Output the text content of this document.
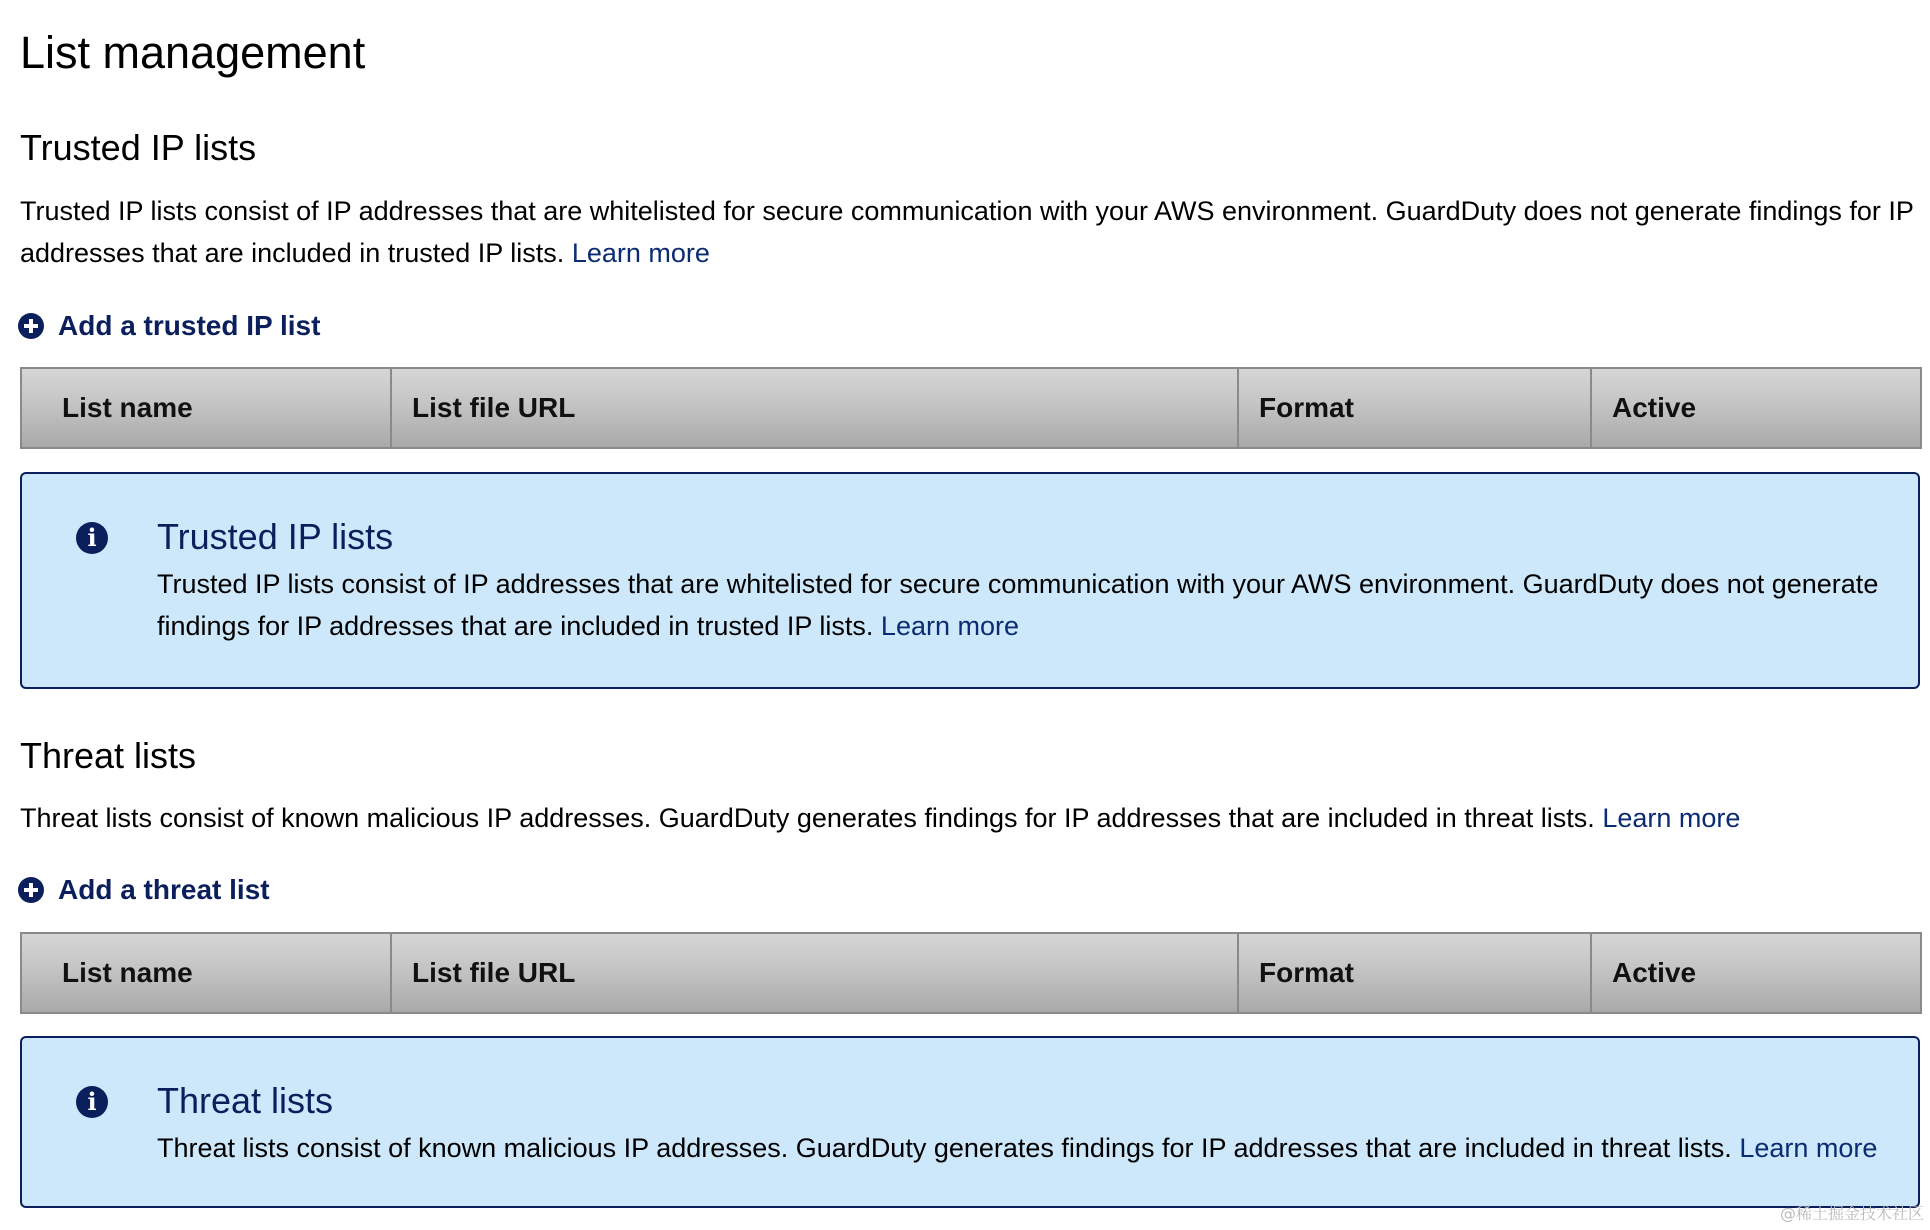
List management
Trusted IP lists

Trusted IP lists consist of IP addresses that are whitelisted for secure communication with your AWS environment. GuardDuty does not generate findings for IP addresses that are included in trusted IP lists. Learn more

Add a trusted IP list
List name	List file URL	Format	Active
i	Trusted IP lists

Trusted IP lists consist of IP addresses that are whitelisted for secure communication with your AWS environment. GuardDuty does not generate findings for IP addresses that are included in trusted IP lists. Learn more

Threat lists

Threat lists consist of known malicious IP addresses. GuardDuty generates findings for IP addresses that are included in threat lists. Learn more

Add a threat list
List name	List file URL	Format	Active
i	Threat lists

Threat lists consist of known malicious IP addresses. GuardDuty generates findings for IP addresses that are included in threat lists. Learn more

@稀土掘金技术社区
